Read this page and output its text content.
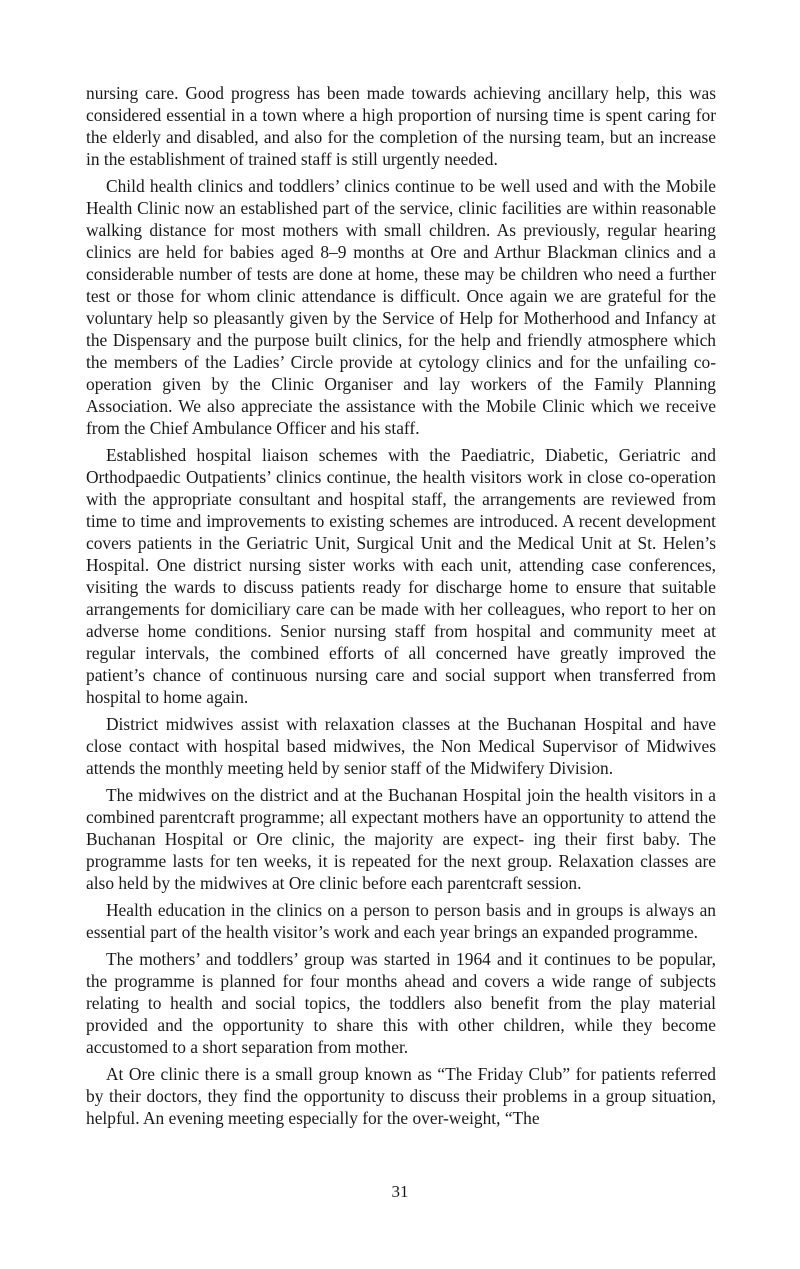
nursing care. Good progress has been made towards achieving ancillary help, this was considered essential in a town where a high proportion of nursing time is spent caring for the elderly and disabled, and also for the completion of the nursing team, but an increase in the establishment of trained staff is still urgently needed.

Child health clinics and toddlers’ clinics continue to be well used and with the Mobile Health Clinic now an established part of the service, clinic facilities are within reasonable walking distance for most mothers with small children. As previously, regular hearing clinics are held for babies aged 8–9 months at Ore and Arthur Blackman clinics and a considerable number of tests are done at home, these may be children who need a further test or those for whom clinic attendance is difficult. Once again we are grateful for the voluntary help so pleasantly given by the Service of Help for Motherhood and Infancy at the Dispensary and the purpose built clinics, for the help and friendly atmosphere which the members of the Ladies’ Circle provide at cytology clinics and for the unfailing co-operation given by the Clinic Organiser and lay workers of the Family Planning Association. We also appreciate the assistance with the Mobile Clinic which we receive from the Chief Ambulance Officer and his staff.

Established hospital liaison schemes with the Paediatric, Diabetic, Geriatric and Orthodpaedic Outpatients’ clinics continue, the health visitors work in close co-operation with the appropriate consultant and hospital staff, the arrangements are reviewed from time to time and improvements to existing schemes are introduced. A recent development covers patients in the Geriatric Unit, Surgical Unit and the Medical Unit at St. Helen’s Hospital. One district nursing sister works with each unit, attending case conferences, visiting the wards to discuss patients ready for discharge home to ensure that suitable arrangements for domiciliary care can be made with her colleagues, who report to her on adverse home conditions. Senior nursing staff from hospital and community meet at regular intervals, the combined efforts of all concerned have greatly improved the patient’s chance of continuous nursing care and social support when transferred from hospital to home again.

District midwives assist with relaxation classes at the Buchanan Hospital and have close contact with hospital based midwives, the Non Medical Supervisor of Midwives attends the monthly meeting held by senior staff of the Midwifery Division.

The midwives on the district and at the Buchanan Hospital join the health visitors in a combined parentcraft programme; all expectant mothers have an opportunity to attend the Buchanan Hospital or Ore clinic, the majority are expect- ing their first baby. The programme lasts for ten weeks, it is repeated for the next group. Relaxation classes are also held by the midwives at Ore clinic before each parentcraft session.

Health education in the clinics on a person to person basis and in groups is always an essential part of the health visitor’s work and each year brings an expanded programme.

The mothers’ and toddlers’ group was started in 1964 and it continues to be popular, the programme is planned for four months ahead and covers a wide range of subjects relating to health and social topics, the toddlers also benefit from the play material provided and the opportunity to share this with other children, while they become accustomed to a short separation from mother.

At Ore clinic there is a small group known as “The Friday Club” for patients referred by their doctors, they find the opportunity to discuss their problems in a group situation, helpful. An evening meeting especially for the over-weight, “The

31
